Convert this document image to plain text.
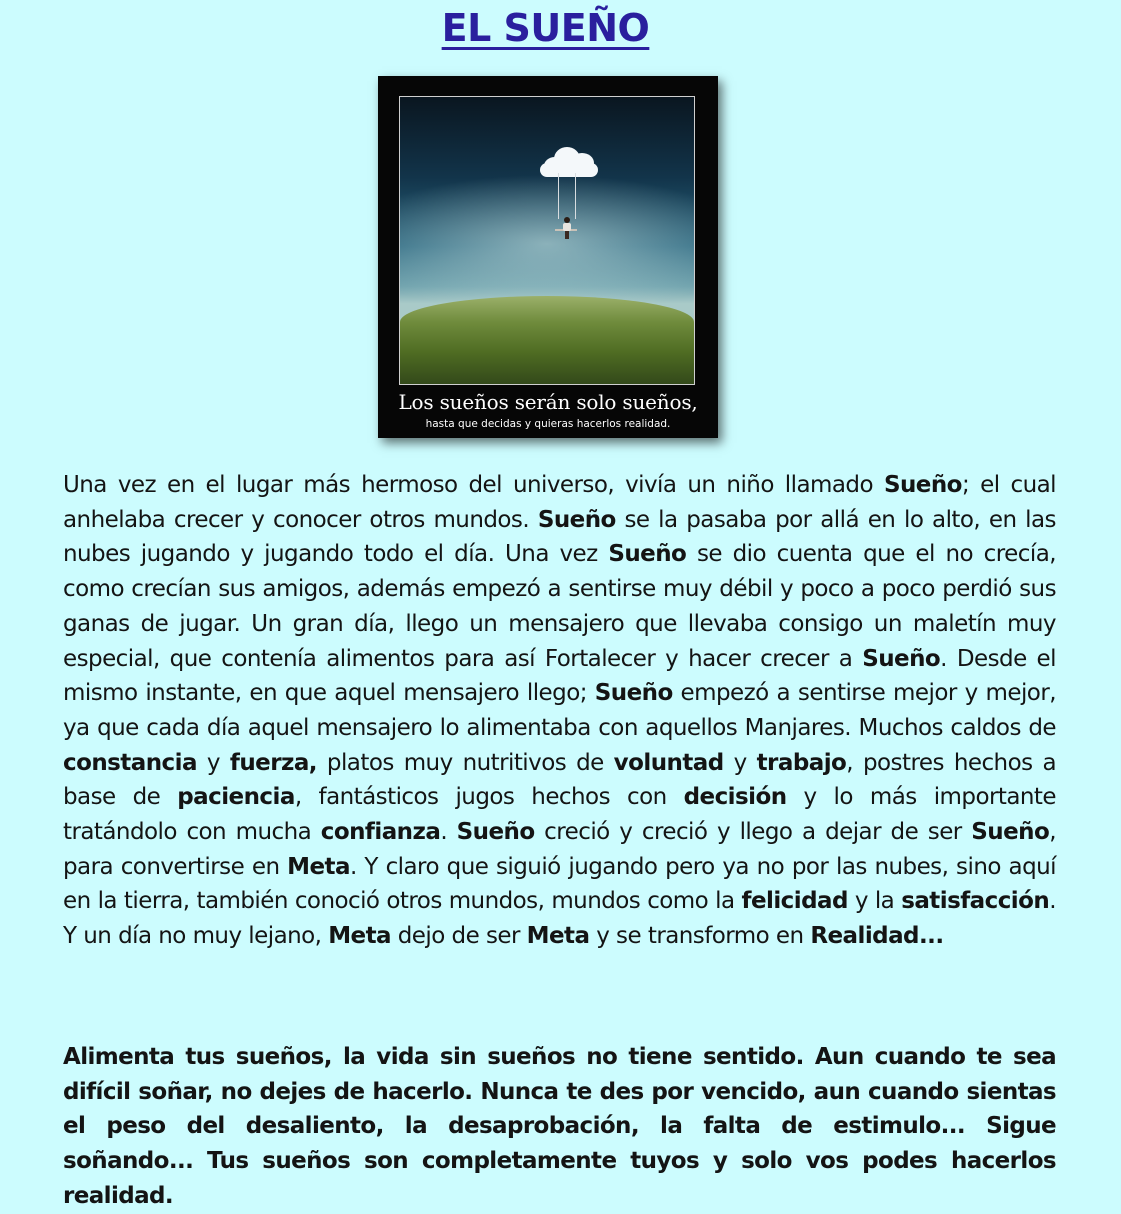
EL SUEÑO
Los sueños serán solo sueños,
hasta que decidas y quieras hacerlos realidad.

Una vez en el lugar más hermoso del universo, vivía un niño llamado Sueño; el cual anhelaba crecer y conocer otros mundos. Sueño se la pasaba por allá en lo alto, en las nubes jugando y jugando todo el día. Una vez Sueño se dio cuenta que el no crecía, como crecían sus amigos, además empezó a sentirse muy débil y poco a poco perdió sus ganas de jugar. Un gran día, llego un mensajero que llevaba consigo un maletín muy especial, que contenía alimentos para así Fortalecer y hacer crecer a Sueño. Desde el mismo instante, en que aquel mensajero llego; Sueño empezó a sentirse mejor y mejor, ya que cada día aquel mensajero lo alimentaba con aquellos Manjares. Muchos caldos de constancia y fuerza, platos muy nutritivos de voluntad y trabajo, postres hechos a base de paciencia, fantásticos jugos hechos con decisión y lo más importante tratándolo con mucha confianza. Sueño creció y creció y llego a dejar de ser Sueño, para convertirse en Meta. Y claro que siguió jugando pero ya no por las nubes, sino aquí en la tierra, también conoció otros mundos, mundos como la felicidad y la satisfacción. Y un día no muy lejano, Meta dejo de ser Meta y se transformo en Realidad...

Alimenta tus sueños, la vida sin sueños no tiene sentido. Aun cuando te sea difícil soñar, no dejes de hacerlo. Nunca te des por vencido, aun cuando sientas el peso del desaliento, la desaprobación, la falta de estimulo... Sigue soñando... Tus sueños son completamente tuyos y solo vos podes hacerlos realidad.
